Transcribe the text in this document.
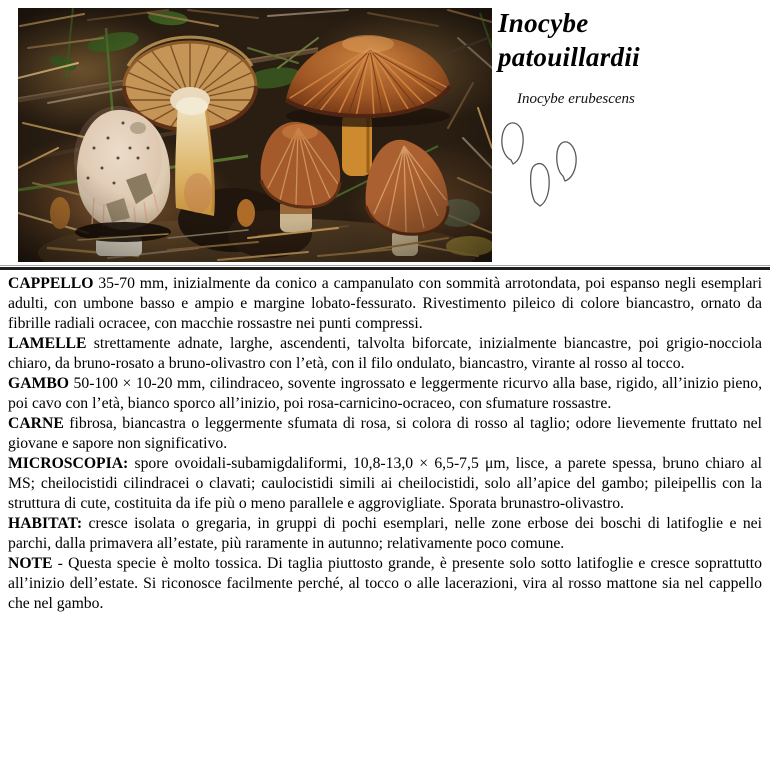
Inocybe
patouillardii
Inocybe erubescens

CAPPELLO 35-70 mm, inizialmente da conico a campanulato con sommità arrotondata, poi espanso negli esemplari adulti, con umbone basso e ampio e margine lobato-fessurato. Rivestimento pileico di colore biancastro, ornato da fibrille radiali ocracee, con macchie rossastre nei punti compressi.

LAMELLE strettamente adnate, larghe, ascendenti, talvolta biforcate, inizialmente biancastre, poi grigio-nocciola chiaro, da bruno-rosato a bruno-olivastro con l’età, con il filo ondulato, biancastro, virante al rosso al tocco.

GAMBO 50-100 × 10-20 mm, cilindraceo, sovente ingrossato e leggermente ricurvo alla base, rigido, all’inizio pieno, poi cavo con l’età, bianco sporco all’inizio, poi rosa-carnicino-ocraceo, con sfumature rossastre.

CARNE fibrosa, biancastra o leggermente sfumata di rosa, si colora di rosso al taglio; odore lievemente fruttato nel giovane e sapore non significativo.

MICROSCOPIA: spore ovoidali-subamigdaliformi, 10,8-13,0 × 6,5-7,5 μm, lisce, a parete spessa, bruno chiaro al MS; cheilocistidi cilindracei o clavati; caulocistidi simili ai cheilocistidi, solo all’apice del gambo; pileipellis con la struttura di cute, costituita da ife più o meno parallele e aggrovigliate. Sporata brunastro-olivastro.

HABITAT: cresce isolata o gregaria, in gruppi di pochi esemplari, nelle zone erbose dei boschi di latifoglie e nei parchi, dalla primavera all’estate, più raramente in autunno; relativamente poco comune.

NOTE - Questa specie è molto tossica. Di taglia piuttosto grande, è presente solo sotto latifoglie e cresce soprattutto all’inizio dell’estate. Si riconosce facilmente perché, al tocco o alle lacerazioni, vira al rosso mattone sia nel cappello che nel gambo.
